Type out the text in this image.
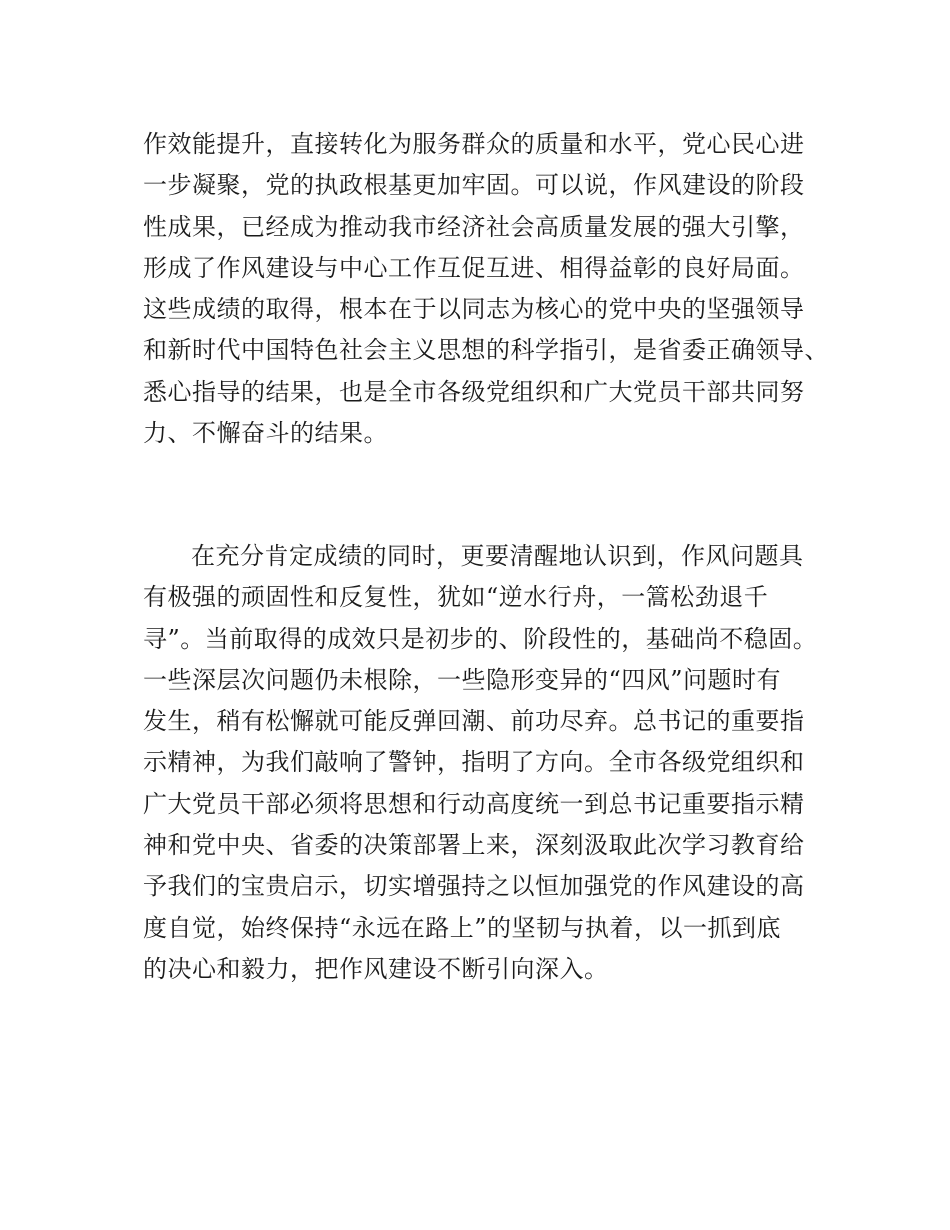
作效能提升，直接转化为服务群众的质量和水平，党心民心进
一步凝聚，党的执政根基更加牢固。可以说，作风建设的阶段
性成果，已经成为推动我市经济社会高质量发展的强大引擎，
形成了作风建设与中心工作互促互进、相得益彰的良好局面。
这些成绩的取得，根本在于以同志为核心的党中央的坚强领导
和新时代中国特色社会主义思想的科学指引，是省委正确领导、
悉心指导的结果，也是全市各级党组织和广大党员干部共同努
力、不懈奋斗的结果。
在充分肯定成绩的同时，更要清醒地认识到，作风问题具
有极强的顽固性和反复性，犹如“逆水行舟，一篙松劲退千
寻”。当前取得的成效只是初步的、阶段性的，基础尚不稳固。
一些深层次问题仍未根除，一些隐形变异的“四风”问题时有
发生，稍有松懈就可能反弹回潮、前功尽弃。总书记的重要指
示精神，为我们敲响了警钟，指明了方向。全市各级党组织和
广大党员干部必须将思想和行动高度统一到总书记重要指示精
神和党中央、省委的决策部署上来，深刻汲取此次学习教育给
予我们的宝贵启示，切实增强持之以恒加强党的作风建设的高
度自觉，始终保持“永远在路上”的坚韧与执着，以一抓到底
的决心和毅力，把作风建设不断引向深入。
